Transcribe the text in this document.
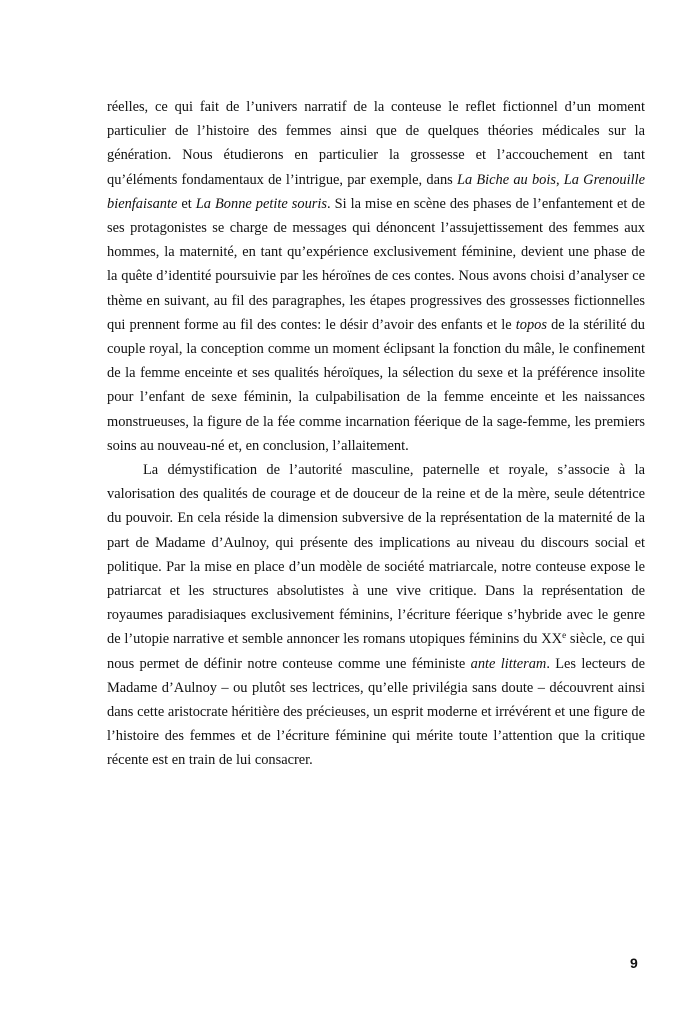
réelles, ce qui fait de l’univers narratif de la conteuse le reflet fictionnel d’un moment particulier de l’histoire des femmes ainsi que de quelques théories médicales sur la génération. Nous étudierons en particulier la grossesse et l’accouchement en tant qu’éléments fondamentaux de l’intrigue, par exemple, dans La Biche au bois, La Grenouille bienfaisante et La Bonne petite souris. Si la mise en scène des phases de l’enfantement et de ses protagonistes se charge de messages qui dénoncent l’assujettissement des femmes aux hommes, la maternité, en tant qu’expérience exclusivement féminine, devient une phase de la quête d’identité poursuivie par les héroïnes de ces contes. Nous avons choisi d’analyser ce thème en suivant, au fil des paragraphes, les étapes progressives des grossesses fictionnelles qui prennent forme au fil des contes: le désir d’avoir des enfants et le topos de la stérilité du couple royal, la conception comme un moment éclipsant la fonction du mâle, le confinement de la femme enceinte et ses qualités héroïques, la sélection du sexe et la préférence insolite pour l’enfant de sexe féminin, la culpabilisation de la femme enceinte et les naissances monstrueuses, la figure de la fée comme incarnation féerique de la sage-femme, les premiers soins au nouveau-né et, en conclusion, l’allaitement.

La démystification de l’autorité masculine, paternelle et royale, s’associe à la valorisation des qualités de courage et de douceur de la reine et de la mère, seule détentrice du pouvoir. En cela réside la dimension subversive de la représentation de la maternité de la part de Madame d’Aulnoy, qui présente des implications au niveau du discours social et politique. Par la mise en place d’un modèle de société matriarcale, notre conteuse expose le patriarcat et les structures absolutistes à une vive critique. Dans la représentation de royaumes paradisiaques exclusivement féminins, l’écriture féerique s’hybride avec le genre de l’utopie narrative et semble annoncer les romans utopiques féminins du XXe siècle, ce qui nous permet de définir notre conteuse comme une féministe ante litteram. Les lecteurs de Madame d’Aulnoy – ou plutôt ses lectrices, qu’elle privilégia sans doute – découvrent ainsi dans cette aristocrate héritière des précieuses, un esprit moderne et irrévérent et une figure de l’histoire des femmes et de l’écriture féminine qui mérite toute l’attention que la critique récente est en train de lui consacrer.

9
